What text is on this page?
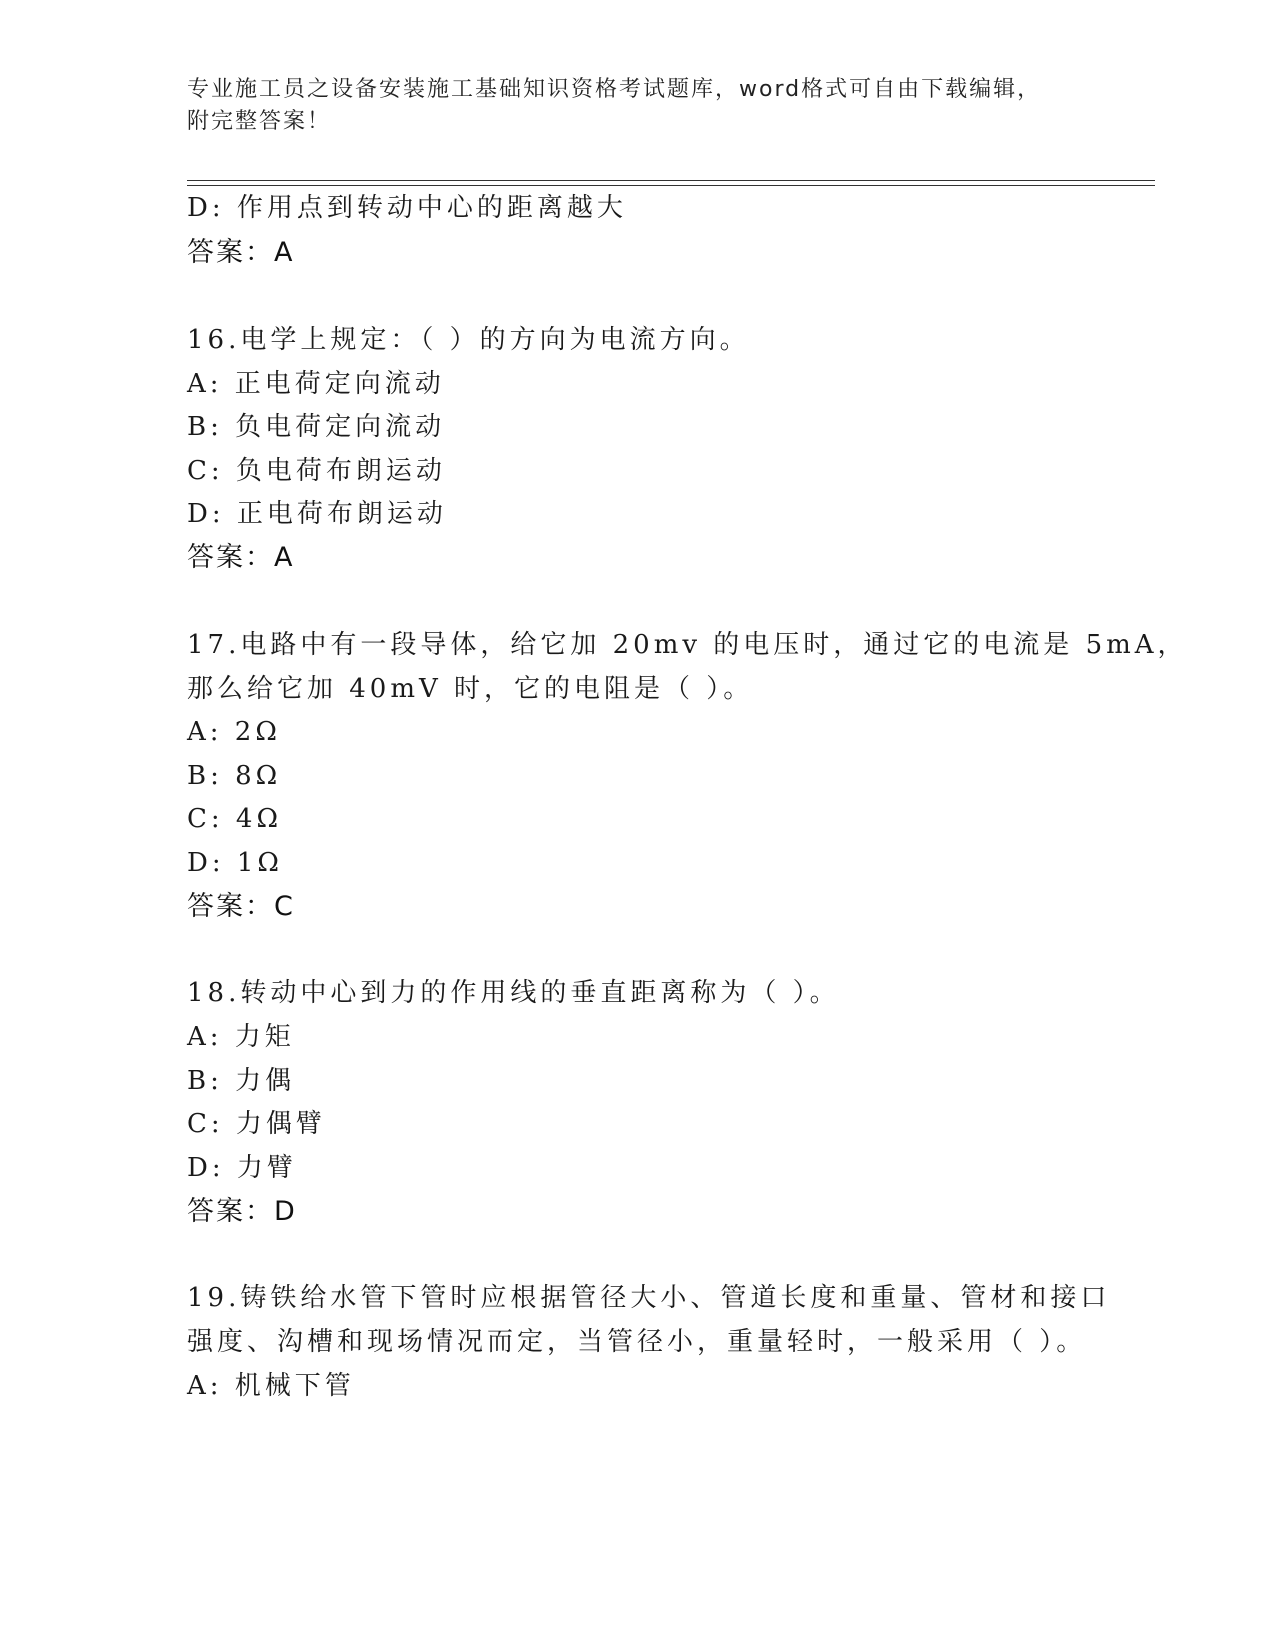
专业施工员之设备安装施工基础知识资格考试题库，word格式可自由下载编辑，
附完整答案！
D: 作用点到转动中心的距离越大
答案：A
16.电学上规定：（ ）的方向为电流方向。
A: 正电荷定向流动
B: 负电荷定向流动
C: 负电荷布朗运动
D: 正电荷布朗运动
答案：A
17.电路中有一段导体，给它加 20mv 的电压时，通过它的电流是 5mA，
那么给它加 40mV 时，它的电阻是（ ）。
A: 2Ω
B: 8Ω
C: 4Ω
D: 1Ω
答案：C
18.转动中心到力的作用线的垂直距离称为（ ）。
A: 力矩
B: 力偶
C: 力偶臂
D: 力臂
答案：D
19.铸铁给水管下管时应根据管径大小、管道长度和重量、管材和接口
强度、沟槽和现场情况而定，当管径小，重量轻时，一般采用（ ）。
A: 机械下管
